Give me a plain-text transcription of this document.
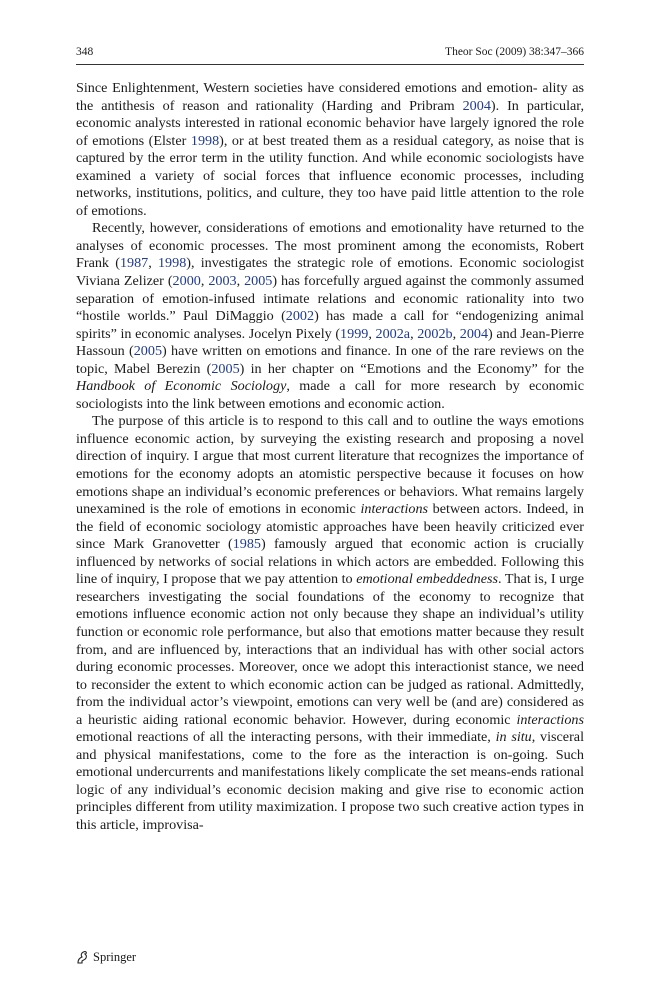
348	Theor Soc (2009) 38:347–366

Since Enlightenment, Western societies have considered emotions and emotion- ality as the antithesis of reason and rationality (Harding and Pribram 2004). In particular, economic analysts interested in rational economic behavior have largely ignored the role of emotions (Elster 1998), or at best treated them as a residual category, as noise that is captured by the error term in the utility function. And while economic sociologists have examined a variety of social forces that influence economic processes, including networks, institutions, politics, and culture, they too have paid little attention to the role of emotions.

Recently, however, considerations of emotions and emotionality have returned to the analyses of economic processes. The most prominent among the economists, Robert Frank (1987, 1998), investigates the strategic role of emotions. Economic sociologist Viviana Zelizer (2000, 2003, 2005) has forcefully argued against the commonly assumed separation of emotion-infused intimate relations and economic rationality into two “hostile worlds.” Paul DiMaggio (2002) has made a call for “endogenizing animal spirits” in economic analyses. Jocelyn Pixely (1999, 2002a, 2002b, 2004) and Jean-Pierre Hassoun (2005) have written on emotions and finance. In one of the rare reviews on the topic, Mabel Berezin (2005) in her chapter on “Emotions and the Economy” for the Handbook of Economic Sociology, made a call for more research by economic sociologists into the link between emotions and economic action.

The purpose of this article is to respond to this call and to outline the ways emotions influence economic action, by surveying the existing research and proposing a novel direction of inquiry. I argue that most current literature that recognizes the importance of emotions for the economy adopts an atomistic perspective because it focuses on how emotions shape an individual’s economic preferences or behaviors. What remains largely unexamined is the role of emotions in economic interactions between actors. Indeed, in the field of economic sociology atomistic approaches have been heavily criticized ever since Mark Granovetter (1985) famously argued that economic action is crucially influenced by networks of social relations in which actors are embedded. Following this line of inquiry, I propose that we pay attention to emotional embeddedness. That is, I urge researchers investigating the social foundations of the economy to recognize that emotions influence economic action not only because they shape an individual’s utility function or economic role performance, but also that emotions matter because they result from, and are influenced by, interactions that an individual has with other social actors during economic processes. Moreover, once we adopt this interactionist stance, we need to reconsider the extent to which economic action can be judged as rational. Admittedly, from the individual actor’s viewpoint, emotions can very well be (and are) considered as a heuristic aiding rational economic behavior. However, during economic interactions emotional reactions of all the interacting persons, with their immediate, in situ, visceral and physical manifestations, come to the fore as the interaction is on-going. Such emotional undercurrents and manifestations likely complicate the set means-ends rational logic of any individual’s economic decision making and give rise to economic action principles different from utility maximization. I propose two such creative action types in this article, improvisa-

Springer
